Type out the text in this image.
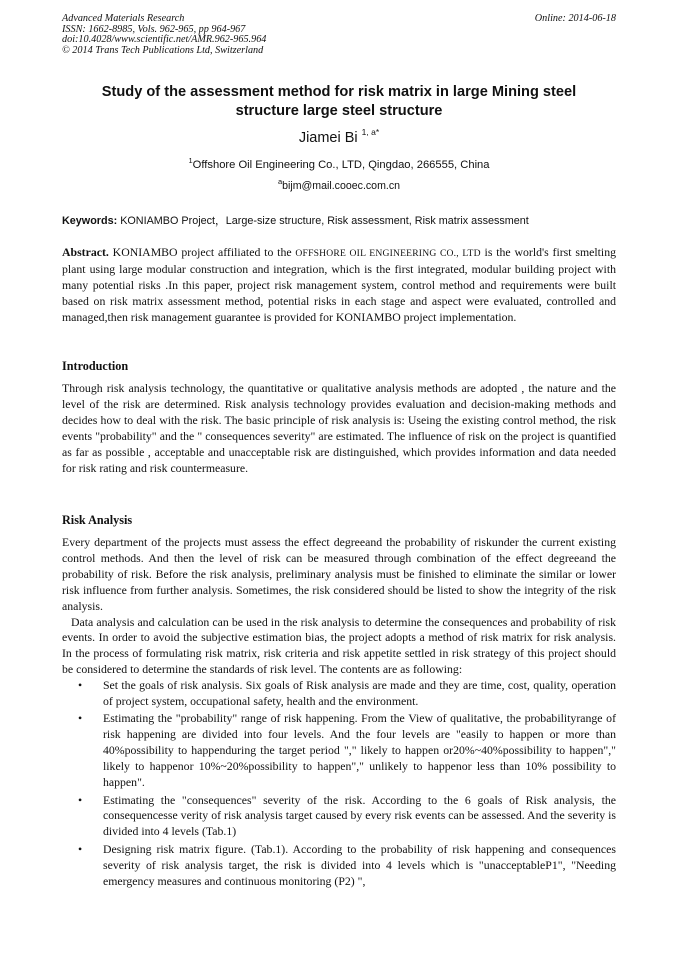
Advanced Materials Research
ISSN: 1662-8985, Vols. 962-965, pp 964-967
doi:10.4028/www.scientific.net/AMR.962-965.964
© 2014 Trans Tech Publications Ltd, Switzerland
Online: 2014-06-18
Study of the assessment method for risk matrix in large Mining steel
structure large steel structure
Jiamei Bi $^{1, a*}$
$^1$Offshore Oil Engineering Co., LTD, Qingdao, 266555, China
$^a$bijm@mail.cooec.com.cn
Keywords: KONIAMBO Project，Large-size structure, Risk assessment, Risk matrix assessment

Abstract. KONIAMBO project affiliated to the OFFSHORE OIL ENGINEERING CO., LTD is the world's first smelting plant using large modular construction and integration, which is the first integrated, modular building project with many potential risks .In this paper, project risk management system, control method and requirements were built based on risk matrix assessment method, potential risks in each stage and aspect were evaluated, controlled and managed,then risk management guarantee is provided for KONIAMBO project implementation.

Introduction

Through risk analysis technology, the quantitative or qualitative analysis methods are adopted , the nature and the level of the risk are determined. Risk analysis technology provides evaluation and decision-making methods and decides how to deal with the risk. The basic principle of risk analysis is: Useing the existing control method, the risk events "probability" and the " consequences severity" are estimated. The influence of risk on the project is quantified as far as possible , acceptable and unacceptable risk are distinguished, which provides information and data needed for risk rating and risk countermeasure.

Risk Analysis

Every department of the projects must assess the effect degreeand the probability of riskunder the current existing control methods. And then the level of risk can be measured through combination of the effect degreeand the probability of risk. Before the risk analysis, preliminary analysis must be finished to eliminate the similar or lower risk influence from further analysis. Sometimes, the risk considered should be listed to show the integrity of the risk analysis.

Data analysis and calculation can be used in the risk analysis to determine the consequences and probability of risk events. In order to avoid the subjective estimation bias, the project adopts a method of risk matrix for risk analysis. In the process of formulating risk matrix, risk criteria and risk appetite settled in risk strategy of this project should be considered to determine the standards of risk level. The contents are as following:

• Set the goals of risk analysis. Six goals of Risk analysis are made and they are time, cost, quality, operation of project system, occupational safety, health and the environment.
• Estimating the "probability" range of risk happening. From the View of qualitative, the probabilityrange of risk happening are divided into four levels. And the four levels are "easily to happen or more than 40%possibility to happenduring the target period "," likely to happen or20%~40%possibility to happen"," likely to happenor 10%~20%possibility to happen"," unlikely to happenor less than 10% possibility to happen".
• Estimating the "consequences" severity of the risk. According to the 6 goals of Risk analysis, the consequencesse verity of risk analysis target caused by every risk events can be assessed. And the severity is divided into 4 levels (Tab.1)
• Designing risk matrix figure. (Tab.1). According to the probability of risk happening and consequences severity of risk analysis target, the risk is divided into 4 levels which is "unacceptableP1", "Needing emergency measures and continuous monitoring (P2) ",
